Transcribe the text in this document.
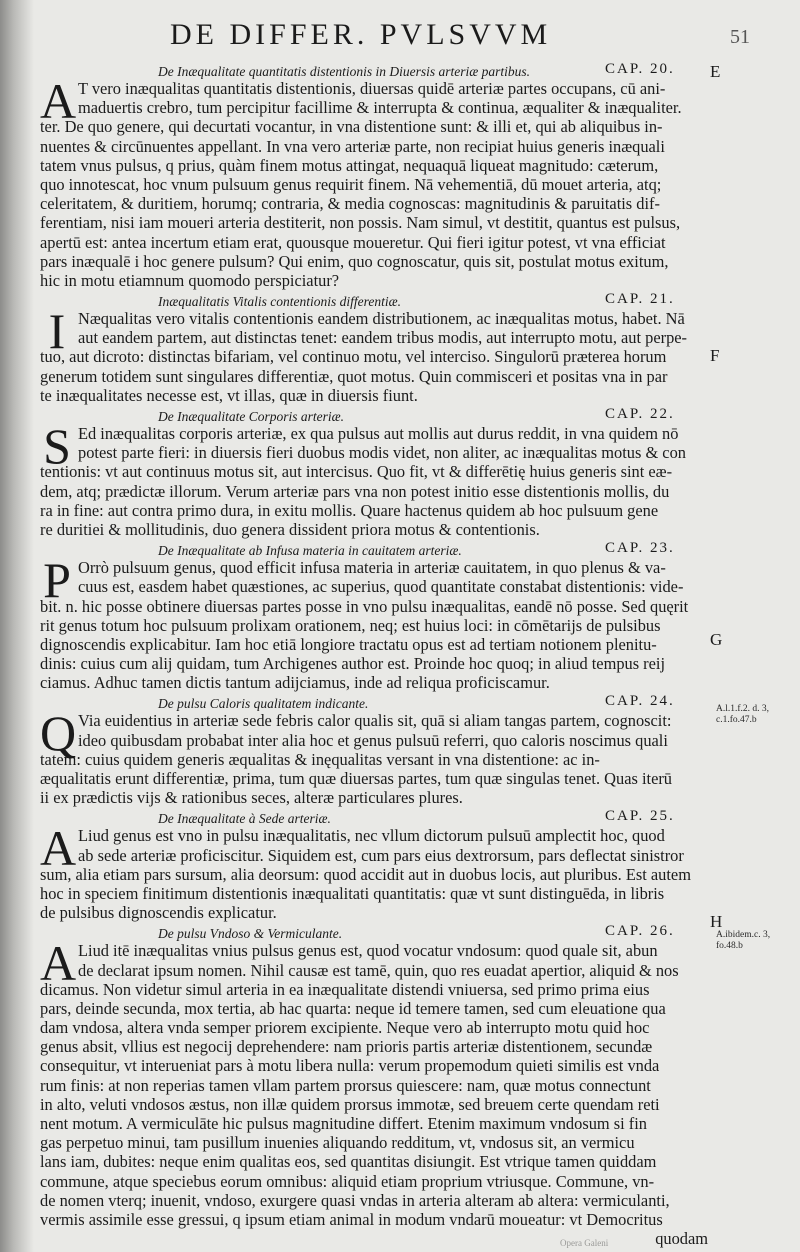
DE DIFFER. PVLSVVM	51
De Inæqualitate quantitatis distentionis in Diuersis arteriæ partibus.	CAP. 20.
A T vero inæqualitas quantitatis distentionis, diuersas quidē arteriæ partes occupans, cū ani-
maduertis crebro, tum percipitur facillime & interrupta & continua, æqualiter & inæqualiter.
ter. De quo genere, qui decurtati vocantur, in vna distentione sunt: & illi et, qui ab aliquibus in-
nuentes & circūnuentes appellant. In vna vero arteriæ parte, non recipiat huius generis inæquali
tatem vnus pulsus, q prius, quàm finem motus attingat, nequaquā liqueat magnitudo: cæterum,
quo innotescat, hoc vnum pulsuum genus requirit finem. Nā vehementiā, dū mouet arteria, atq;
celeritatem, & duritiem, horumq; contraria, & media cognoscas: magnitudinis & paruitatis dif-
ferentiam, nisi iam moueri arteria destiterit, non possis. Nam simul, vt destitit, quantus est pulsus,
apertū est: antea incertum etiam erat, quousque moueretur. Qui fieri igitur potest, vt vna efficiat
pars inæqualē i hoc genere pulsum? Qui enim, quo cognoscatur, quis sit, postulat motus exitum,
hic in motu etiamnum quomodo perspiciatur?
Inæqualitatis Vitalis contentionis differentiæ.	CAP. 21.
I Næqualitas vero vitalis contentionis eandem distributionem, ac inæqualitas motus, habet. Nā
aut eandem partem, aut distinctas tenet: eandem tribus modis, aut interrupto motu, aut perpe-
tuo, aut dicroto: distinctas bifariam, vel continuo motu, vel interciso. Singulorū præterea horum
generum totidem sunt singulares differentiæ, quot motus. Quin commisceri et positas vna in par
te inæqualitates necesse est, vt illas, quæ in diuersis fiunt.
De Inæqualitate Corporis arteriæ.	CAP. 22.
S Ed inæqualitas corporis arteriæ, ex qua pulsus aut mollis aut durus reddit, in vna quidem nō
potest parte fieri: in diuersis fieri duobus modis videt, non aliter, ac inæqualitas motus & con
tentionis: vt aut continuus motus sit, aut intercisus. Quo fit, vt & differētię huius generis sint eæ-
dem, atq; prædictæ illorum. Verum arteriæ pars vna non potest initio esse distentionis mollis, du
ra in fine: aut contra primo dura, in exitu mollis. Quare hactenus quidem ab hoc pulsuum gene
re duritiei & mollitudinis, duo genera dissident priora motus & contentionis.
De Inæqualitate ab Infusa materia in cauitatem arteriæ.	CAP. 23.
P Orrò pulsuum genus, quod efficit infusa materia in arteriæ cauitatem, in quo plenus & va-
cuus est, easdem habet quæstiones, ac superius, quod quantitate constabat distentionis: vide-
bit. n. hic posse obtinere diuersas partes posse in vno pulsu inæqualitas, eandē nō posse. Sed quęrit
rit genus totum hoc pulsuum prolixam orationem, neq; est huius loci: in cōmētarijs de pulsibus
dignoscendis explicabitur. Iam hoc etiā longiore tractatu opus est ad tertiam notionem plenitu-
dinis: cuius cum alij quidam, tum Archigenes author est. Proinde hoc quoq; in aliud tempus reij
ciamus. Adhuc tamen dictis tantum adijciamus, inde ad reliqua proficiscamur.
De pulsu Caloris qualitatem indicante.	CAP. 24.
Q Via euidentius in arteriæ sede febris calor qualis sit, quā si aliam tangas partem, cognoscit:
ideo quibusdam probabat inter alia hoc et genus pulsuū referri, quo caloris noscimus quali
tatem: cuius quidem generis æqualitas & inęqualitas versant in vna distentione: ac in-
æqualitatis erunt differentiæ, prima, tum quæ diuersas partes, tum quæ singulas tenet. Quas iterū
ii ex prædictis vijs & rationibus seces, alteræ particulares plures.
De Inæqualitate à Sede arteriæ.	CAP. 25.
A Liud genus est vno in pulsu inæqualitatis, nec vllum dictorum pulsuū amplectit hoc, quod
ab sede arteriæ proficiscitur. Siquidem est, cum pars eius dextrorsum, pars deflectat sinistror
sum, alia etiam pars sursum, alia deorsum: quod accidit aut in duobus locis, aut pluribus. Est autem
hoc in speciem finitimum distentionis inæqualitati quantitatis: quæ vt sunt distinguēda, in libris
de pulsibus dignoscendis explicatur.
De pulsu Vndoso & Vermiculante.	CAP. 26.
A Liud itē inæqualitas vnius pulsus genus est, quod vocatur vndosum: quod quale sit, abun
de declarat ipsum nomen. Nihil causæ est tamē, quin, quo res euadat apertior, aliquid & nos
dicamus. Non videtur simul arteria in ea inæqualitate distendi vniuersa, sed primo prima eius
pars, deinde secunda, mox tertia, ab hac quarta: neque id temere tamen, sed cum eleuatione qua
dam vndosa, altera vnda semper priorem excipiente. Neque vero ab interrupto motu quid hoc
genus absit, vllius est negocij deprehendere: nam prioris partis arteriæ distentionem, secundæ
consequitur, vt interueniat pars à motu libera nulla: verum propemodum quieti similis est vnda
rum finis: at non reperias tamen vllam partem prorsus quiescere: nam, quæ motus connectunt
in alto, veluti vndosos æstus, non illæ quidem prorsus immotæ, sed breuem certe quendam reti
nent motum. A vermiculāte hic pulsus magnitudine differt. Etenim maximum vndosum si fin
gas perpetuo minui, tam pusillum inuenies aliquando redditum, vt, vndosus sit, an vermicu
lans iam, dubites: neque enim qualitas eos, sed quantitas disiungit. Est vtrique tamen quiddam
commune, atque speciebus eorum omnibus: aliquid etiam proprium vtriusque. Commune, vn-
de nomen vterq; inuenit, vndoso, exurgere quasi vndas in arteria alteram ab altera: vermiculanti,
vermis assimile esse gressui, q ipsum etiam animal in modum vndarū moueatur: vt Democritus
quodam
E
F
G
H
A.l.1.f.2. d. 3, c.1.fo.47.b
A.ibidem.c. 3, fo.48.b
Opera Galeni
